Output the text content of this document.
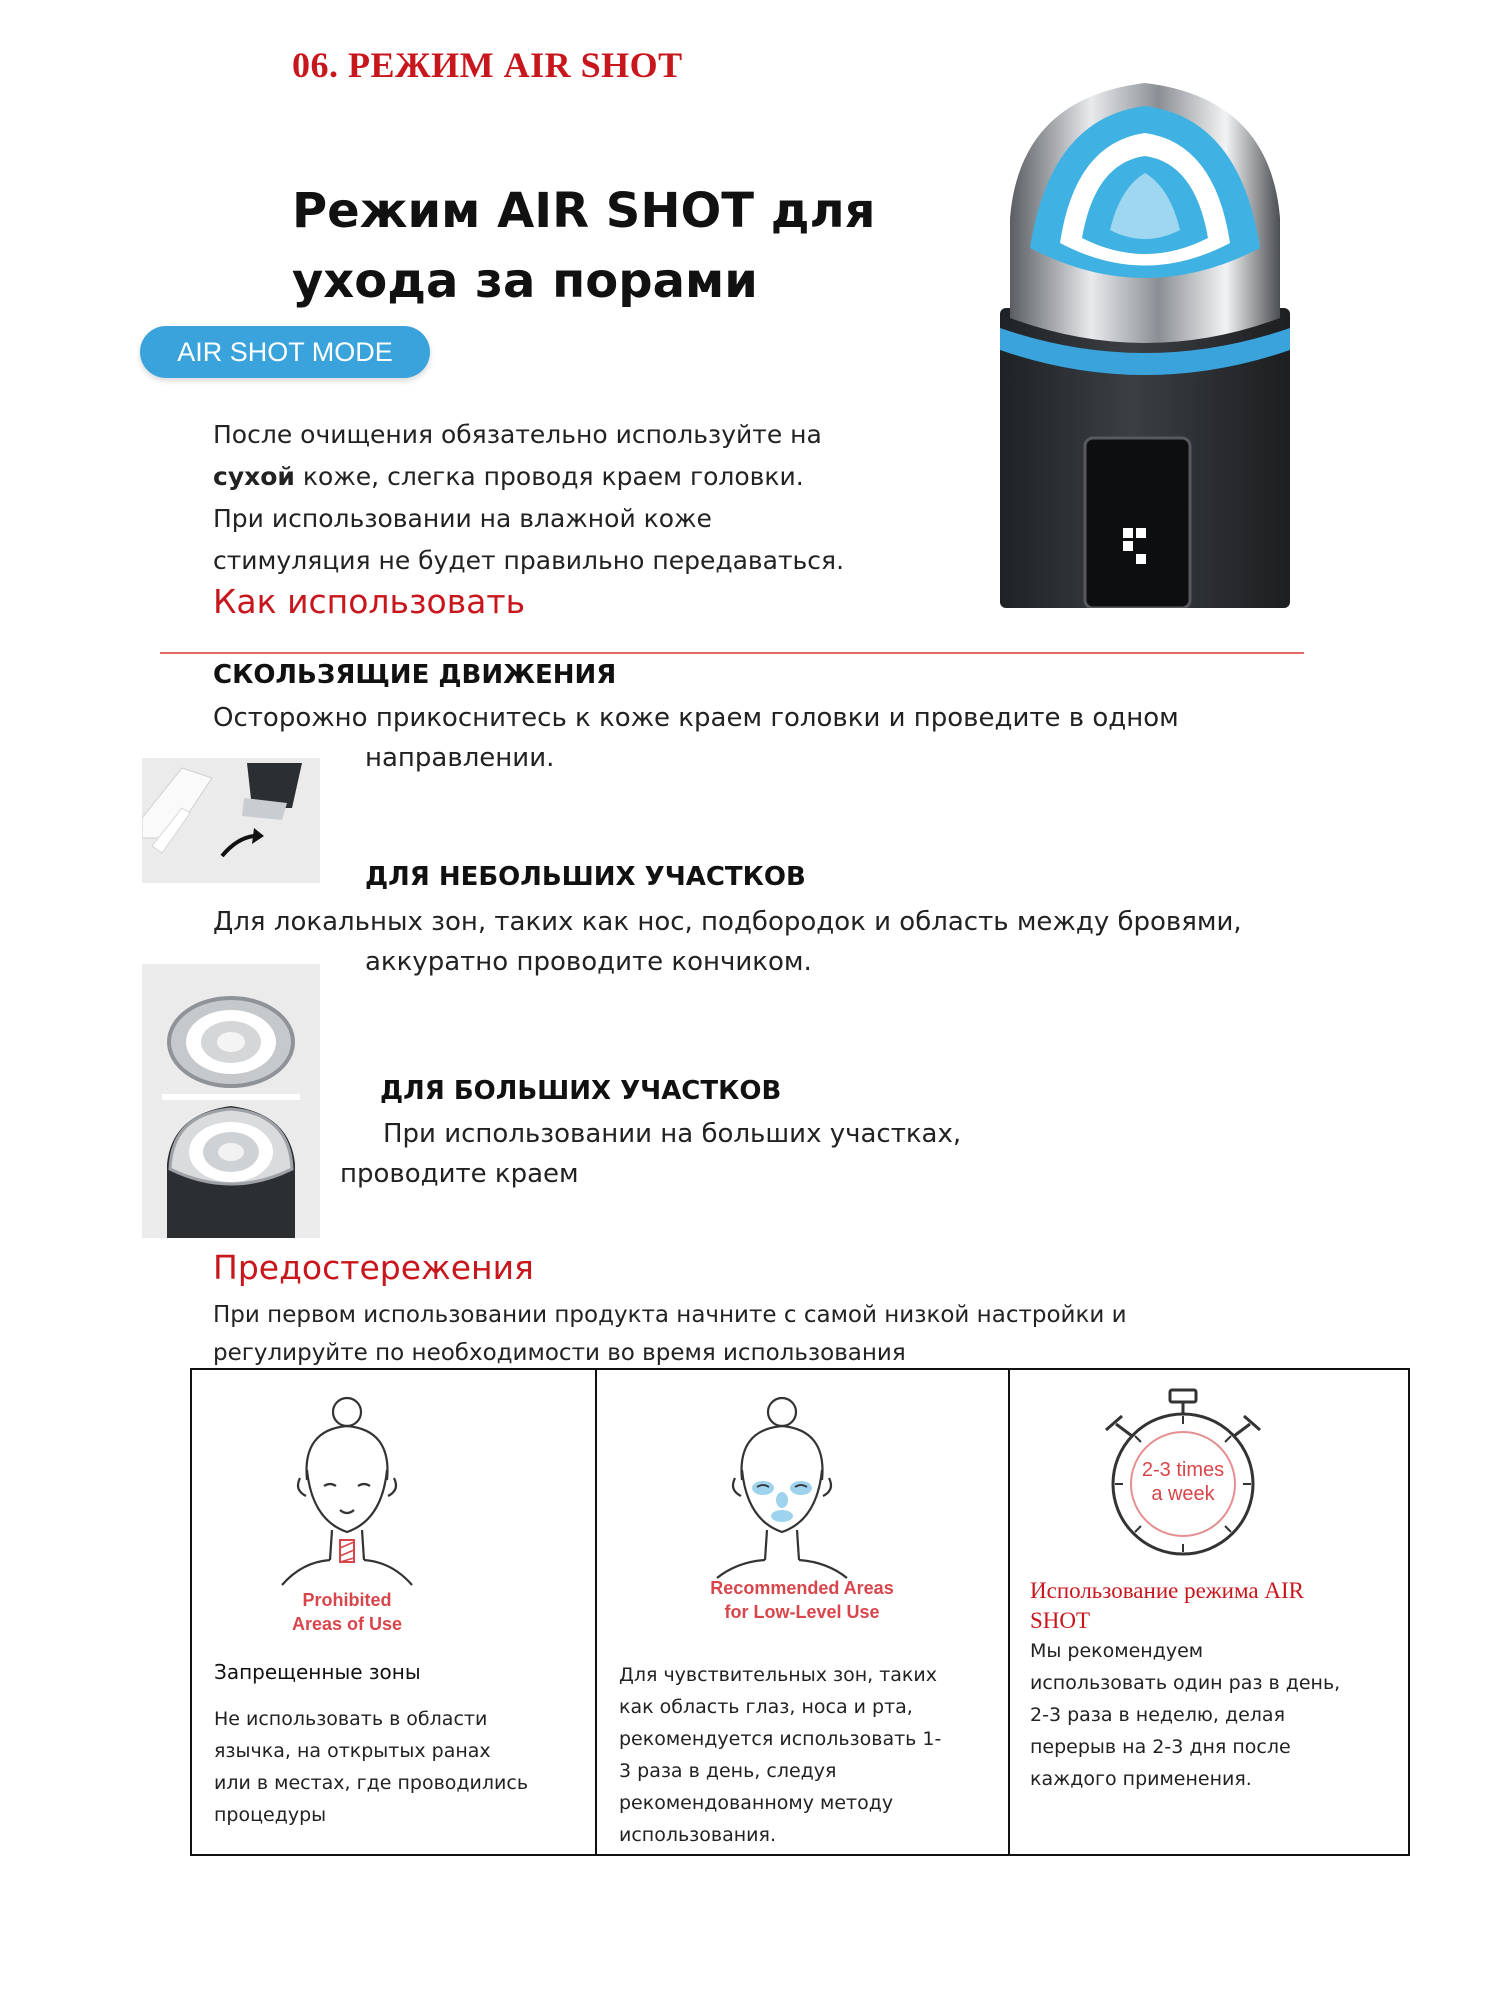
06. РЕЖИМ AIR SHOT
Режим AIR SHOT для
ухода за порами
AIR SHOT MODE

После очищения обязательно используйте на

сухой коже, слегка проводя краем головки.

При использовании на влажной коже

стимуляция не будет правильно передаваться.

Как использовать
СКОЛЬЗЯЩИЕ ДВИЖЕНИЯ
Осторожно прикоснитесь к коже краем головки и проведите в одном
направлении.
ДЛЯ НЕБОЛЬШИХ УЧАСТКОВ
Для локальных зон, таких как нос, подбородок и область между бровями,
аккуратно проводите кончиком.
ДЛЯ БОЛЬШИХ УЧАСТКОВ
При использовании на больших участках,
проводите краем
Предостережения
При первом использовании продукта начните с самой низкой настройки и
регулируйте по необходимости во время использования
Prohibited
Areas of Use
Запрещенные зоны
Не использовать в области
язычка, на открытых ранах
или в местах, где проводились
процедуры
Recommended Areas
for Low-Level Use
Для чувствительных зон, таких
как область глаз, носа и рта,
рекомендуется использовать 1-
3 раза в день, следуя
рекомендованному методу
использования.
2-3 times
a week
Использование режима AIR
SHOT
Мы рекомендуем
использовать один раз в день,
2-3 раза в неделю, делая
перерыв на 2-3 дня после
каждого применения.
